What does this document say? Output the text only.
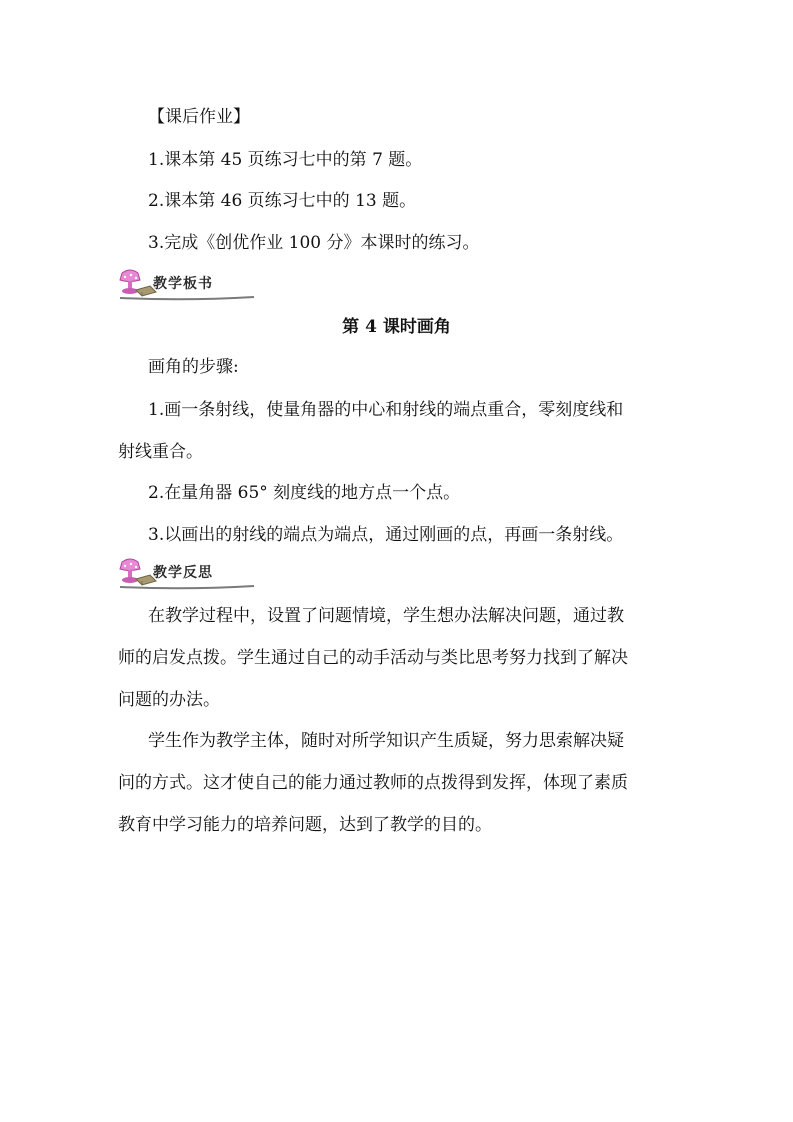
【课后作业】
1.课本第 45 页练习七中的第 7 题。
2.课本第 46 页练习七中的 13 题。
3.完成《创优作业 100 分》本课时的练习。
教学板书
第 4 课时画角
画角的步骤:
1.画一条射线，使量角器的中心和射线的端点重合，零刻度线和
射线重合。
2.在量角器 65° 刻度线的地方点一个点。
3.以画出的射线的端点为端点，通过刚画的点，再画一条射线。
教学反思
在教学过程中，设置了问题情境，学生想办法解决问题，通过教
师的启发点拨。学生通过自己的动手活动与类比思考努力找到了解决
问题的办法。
学生作为教学主体，随时对所学知识产生质疑，努力思索解决疑
问的方式。这才使自己的能力通过教师的点拨得到发挥，体现了素质
教育中学习能力的培养问题，达到了教学的目的。
